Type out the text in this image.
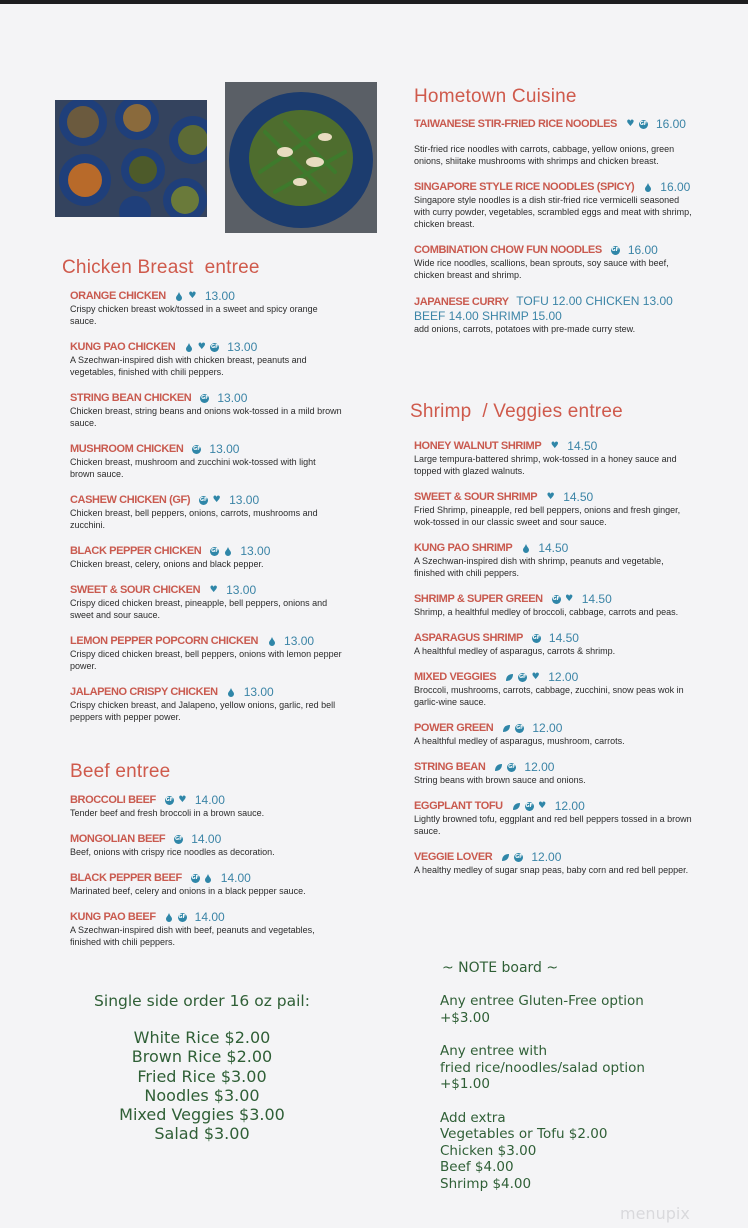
Chicken Breast  entree
ORANGE CHICKEN ♥ 13.00
Crispy chicken breast wok/tossed in a sweet and spicy orange sauce.
KUNG PAO CHICKEN ♥ GF 13.00
A Szechwan-inspired dish with chicken breast, peanuts and vegetables, finished with chili peppers.
STRING BEAN CHICKEN GF 13.00
Chicken breast, string beans and onions wok-tossed in a mild brown sauce.
MUSHROOM CHICKEN GF 13.00
Chicken breast, mushroom and zucchini wok-tossed with light brown sauce.
CASHEW CHICKEN (GF) GF ♥ 13.00
Chicken breast, bell peppers, onions, carrots, mushrooms and zucchini.
BLACK PEPPER CHICKEN GF 13.00
Chicken breast, celery, onions and black pepper.
SWEET & SOUR CHICKEN ♥ 13.00
Crispy diced chicken breast, pineapple, bell peppers, onions and sweet and sour sauce.
LEMON PEPPER POPCORN CHICKEN 13.00
Crispy diced chicken breast, bell peppers, onions with lemon pepper power.
JALAPENO CRISPY CHICKEN 13.00
Crispy chicken breast, and Jalapeno, yellow onions, garlic, red bell peppers with pepper power.
Beef entree
BROCCOLI BEEF GF ♥ 14.00
Tender beef and fresh broccoli in a brown sauce.
MONGOLIAN BEEF GF 14.00
Beef, onions with crispy rice noodles as decoration.
BLACK PEPPER BEEF GF 14.00
Marinated beef, celery and onions in a black pepper sauce.
KUNG PAO BEEF	GF 14.00
A Szechwan-inspired dish with beef, peanuts and vegetables, finished with chili peppers.
Hometown Cuisine
TAIWANESE STIR-FRIED RICE NOODLES ♥ GF 16.00
Stir-fried rice noodles with carrots, cabbage, yellow onions, green onions, shiitake mushrooms with shrimps and chicken breast.
SINGAPORE STYLE RICE NOODLES (SPICY) 16.00
Singapore style noodles is a dish stir-fried rice vermicelli seasoned with curry powder, vegetables, scrambled eggs and meat with shrimp, chicken breast.
COMBINATION CHOW FUN NOODLES GF 16.00
Wide rice noodles, scallions, bean sprouts, soy sauce with beef, chicken breast and shrimp.
JAPANESE CURRY TOFU 12.00 CHICKEN 13.00 BEEF 14.00 SHRIMP 15.00
add onions, carrots, potatoes with pre-made curry stew.
Shrimp  / Veggies entree
HONEY WALNUT SHRIMP ♥ 14.50
Large tempura-battered shrimp, wok-tossed in a honey sauce and topped with glazed walnuts.
SWEET & SOUR SHRIMP ♥ 14.50
Fried Shrimp, pineapple, red bell peppers, onions and fresh ginger, wok-tossed in our classic sweet and sour sauce.
KUNG PAO SHRIMP 14.50
A Szechwan-inspired dish with shrimp, peanuts and vegetable, finished with chili peppers.
SHRIMP & SUPER GREEN GF ♥ 14.50
Shrimp, a healthful medley of broccoli, cabbage, carrots and peas.
ASPARAGUS SHRIMP GF 14.50
A healthful medley of asparagus, carrots & shrimp.
MIXED VEGGIES	GF ♥ 12.00
Broccoli, mushrooms, carrots, cabbage, zucchini, snow peas wok in garlic-wine sauce.
POWER GREEN	GF 12.00
A healthful medley of asparagus, mushroom, carrots.
STRING BEAN	GF 12.00
String beans with brown sauce and onions.
EGGPLANT TOFU	GF ♥ 12.00
Lightly browned tofu, eggplant and red bell peppers tossed in a brown sauce.
VEGGIE LOVER	GF 12.00
A healthy medley of sugar snap peas, baby corn and red bell pepper.
Single side order 16 oz pail:
White Rice $2.00
Brown Rice $2.00
Fried Rice $3.00
Noodles $3.00
Mixed Veggies $3.00
Salad $3.00
~ NOTE board ~
Any entree Gluten-Free option
+$3.00
Any entree with
fried rice/noodles/salad option
+$1.00
Add extra
Vegetables or Tofu $2.00
Chicken $3.00
Beef $4.00
Shrimp $4.00
menupix
